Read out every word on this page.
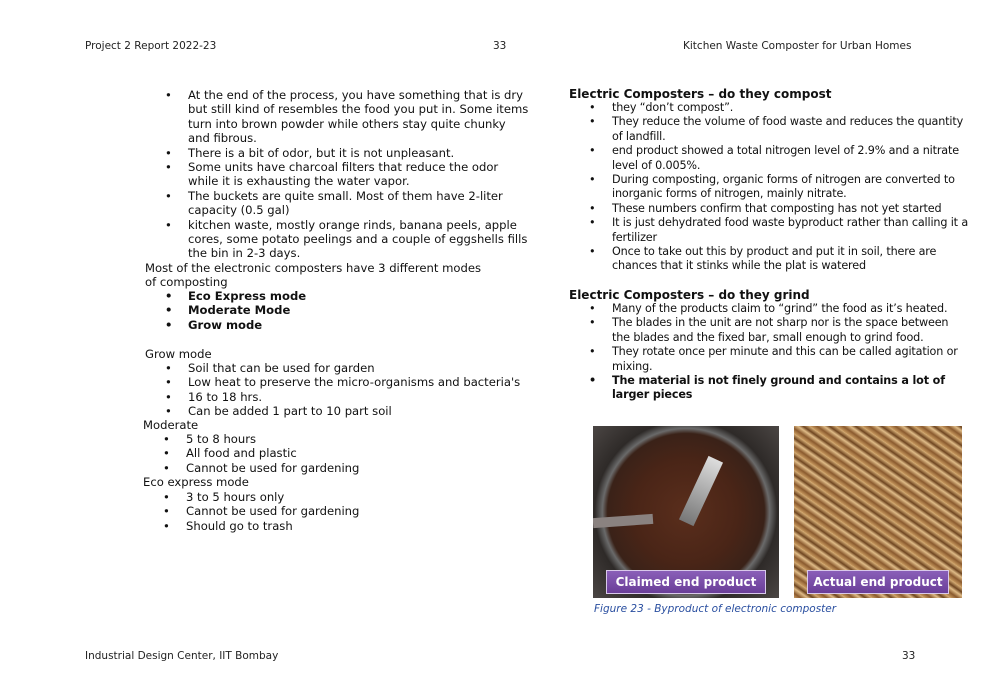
Project 2 Report 2022-23	33	Kitchen Waste Composter for Urban Homes
• At the end of the process, you have something that is dry but still kind of resembles the food you put in. Some items turn into brown powder while others stay quite chunky and fibrous.
• There is a bit of odor, but it is not unpleasant.
• Some units have charcoal filters that reduce the odor while it is exhausting the water vapor.
• The buckets are quite small. Most of them have 2-liter capacity (0.5 gal)
• kitchen waste, mostly orange rinds, banana peels, apple cores, some potato peelings and a couple of eggshells fills the bin in 2-3 days.
Most of the electronic composters have 3 different modes of composting
• Eco Express mode
• Moderate Mode
• Grow mode
Grow mode
• Soil that can be used for garden
• Low heat to preserve the micro-organisms and bacteria's
• 16 to 18 hrs.
• Can be added 1 part to 10 part soil
Moderate
• 5 to 8 hours
• All food and plastic
• Cannot be used for gardening
Eco express mode
• 3 to 5 hours only
• Cannot be used for gardening
• Should go to trash
Electric Composters – do they compost
• they “don’t compost”.
• They reduce the volume of food waste and reduces the quantity of landfill.
• end product showed a total nitrogen level of 2.9% and a nitrate level of 0.005%.
• During composting, organic forms of nitrogen are converted to inorganic forms of nitrogen, mainly nitrate.
• These numbers confirm that composting has not yet started
• It is just dehydrated food waste byproduct rather than calling it a fertilizer
• Once to take out this by product and put it in soil, there are chances that it stinks while the plat is watered
Electric Composters – do they grind
• Many of the products claim to “grind” the food as it’s heated.
• The blades in the unit are not sharp nor is the space between the blades and the fixed bar, small enough to grind food.
• They rotate once per minute and this can be called agitation or mixing.
• The material is not finely ground and contains a lot of larger pieces
Claimed end product	Actual end product
Figure 23 - Byproduct of electronic composter
Industrial Design Center, IIT Bombay	33
